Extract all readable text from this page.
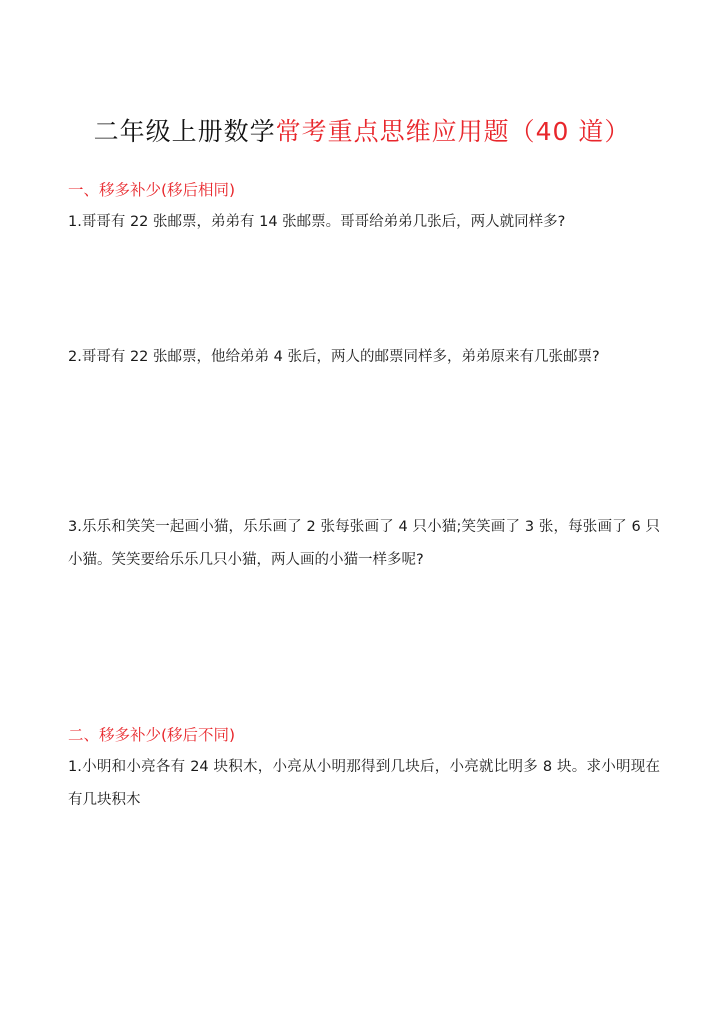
二年级上册数学常考重点思维应用题（40 道）
一、移多补少(移后相同)
1.哥哥有 22 张邮票，弟弟有 14 张邮票。哥哥给弟弟几张后，两人就同样多?
2.哥哥有 22 张邮票，他给弟弟 4 张后，两人的邮票同样多，弟弟原来有几张邮票?
3.乐乐和笑笑一起画小猫，乐乐画了 2 张每张画了 4 只小猫;笑笑画了 3 张，每张画了 6 只小猫。笑笑要给乐乐几只小猫，两人画的小猫一样多呢?
二、移多补少(移后不同)
1.小明和小亮各有 24 块积木，小亮从小明那得到几块后，小亮就比明多 8 块。求小明现在有几块积木
